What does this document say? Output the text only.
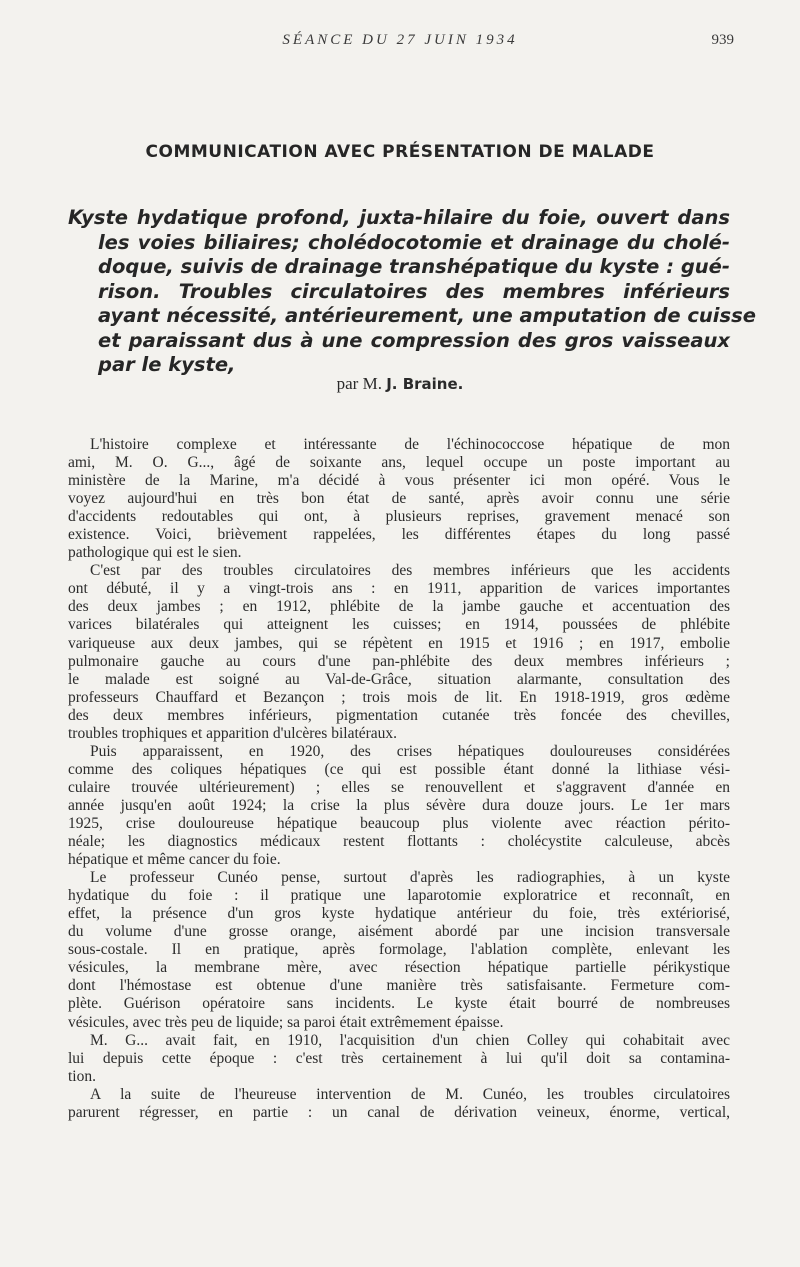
SÉANCE DU 27 JUIN 1934	939
COMMUNICATION AVEC PRÉSENTATION DE MALADE
Kyste hydatique profond, juxta-hilaire du foie, ouvert dans
les voies biliaires; cholédocotomie et drainage du cholé-
doque, suivis de drainage transhépatique du kyste : gué-
rison. Troubles circulatoires des membres inférieurs
ayant nécessité, antérieurement, une amputation de cuisse
et paraissant dus à une compression des gros vaisseaux
par le kyste,
par M. J. Braine.
L'histoire complexe et intéressante de l'échinococcose hépatique de mon
ami, M. O. G..., âgé de soixante ans, lequel occupe un poste important au
ministère de la Marine, m'a décidé à vous présenter ici mon opéré. Vous le
voyez aujourd'hui en très bon état de santé, après avoir connu une série
d'accidents redoutables qui ont, à plusieurs reprises, gravement menacé son
existence. Voici, brièvement rappelées, les différentes étapes du long passé
pathologique qui est le sien.
C'est par des troubles circulatoires des membres inférieurs que les accidents
ont débuté, il y a vingt-trois ans : en 1911, apparition de varices importantes
des deux jambes ; en 1912, phlébite de la jambe gauche et accentuation des
varices bilatérales qui atteignent les cuisses; en 1914, poussées de phlébite
variqueuse aux deux jambes, qui se répètent en 1915 et 1916 ; en 1917, embolie
pulmonaire gauche au cours d'une pan-phlébite des deux membres inférieurs ;
le malade est soigné au Val-de-Grâce, situation alarmante, consultation des
professeurs Chauffard et Bezançon ; trois mois de lit. En 1918-1919, gros œdème
des deux membres inférieurs, pigmentation cutanée très foncée des chevilles,
troubles trophiques et apparition d'ulcères bilatéraux.
Puis apparaissent, en 1920, des crises hépatiques douloureuses considérées
comme des coliques hépatiques (ce qui est possible étant donné la lithiase vési-
culaire trouvée ultérieurement) ; elles se renouvellent et s'aggravent d'année en
année jusqu'en août 1924; la crise la plus sévère dura douze jours. Le 1er mars
1925, crise douloureuse hépatique beaucoup plus violente avec réaction périto-
néale; les diagnostics médicaux restent flottants : cholécystite calculeuse, abcès
hépatique et même cancer du foie.
Le professeur Cunéo pense, surtout d'après les radiographies, à un kyste
hydatique du foie : il pratique une laparotomie exploratrice et reconnaît, en
effet, la présence d'un gros kyste hydatique antérieur du foie, très extériorisé,
du volume d'une grosse orange, aisément abordé par une incision transversale
sous-costale. Il en pratique, après formolage, l'ablation complète, enlevant les
vésicules, la membrane mère, avec résection hépatique partielle périkystique
dont l'hémostase est obtenue d'une manière très satisfaisante. Fermeture com-
plète. Guérison opératoire sans incidents. Le kyste était bourré de nombreuses
vésicules, avec très peu de liquide; sa paroi était extrêmement épaisse.
M. G... avait fait, en 1910, l'acquisition d'un chien Colley qui cohabitait avec
lui depuis cette époque : c'est très certainement à lui qu'il doit sa contamina-
tion.
A la suite de l'heureuse intervention de M. Cunéo, les troubles circulatoires
parurent régresser, en partie : un canal de dérivation veineux, énorme, vertical,
